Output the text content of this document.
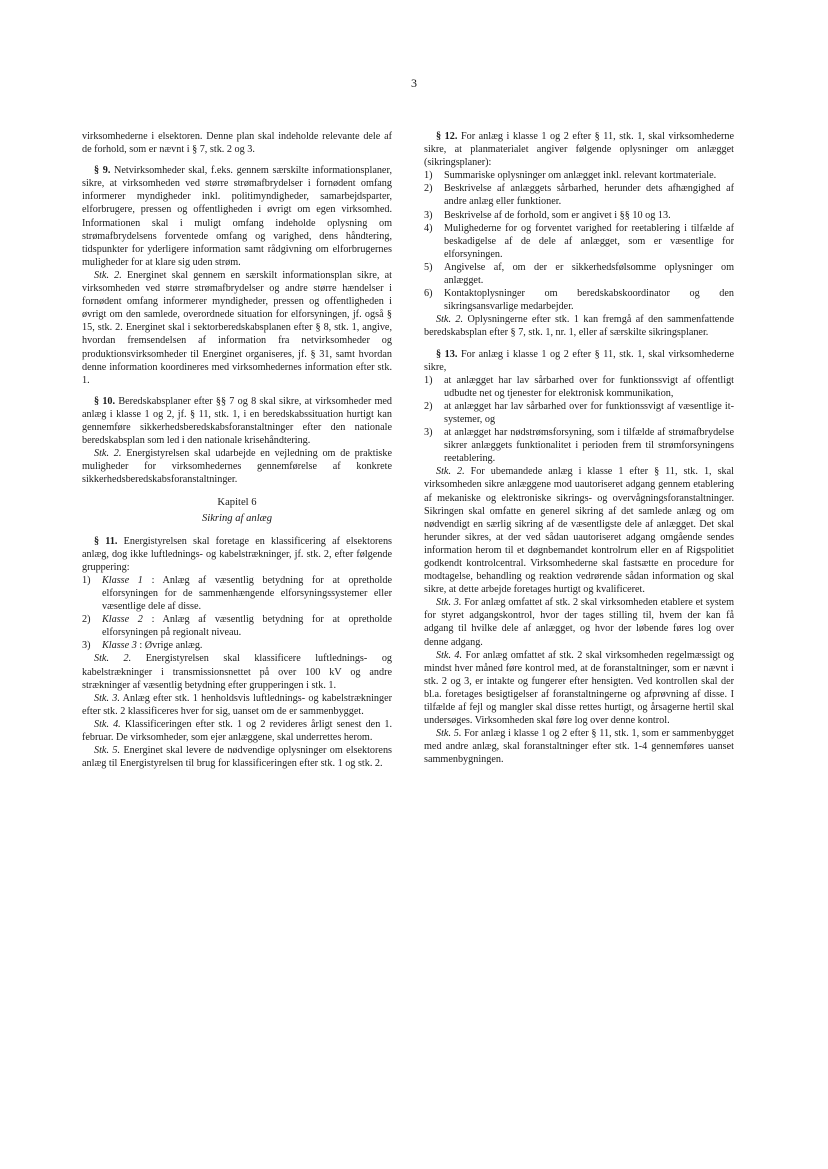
3

virksomhederne i elsektoren. Denne plan skal indeholde relevante dele af de forhold, som er nævnt i § 7, stk. 2 og 3.

§ 9. Netvirksomheder skal, f.eks. gennem særskilte informationsplaner, sikre, at virksomheden ved større strømafbrydelser i fornødent omfang informerer myndigheder inkl. politimyndigheder, samarbejdsparter, elforbrugere, pressen og offentligheden i øvrigt om egen virksomhed. Informationen skal i muligt omfang indeholde oplysning om strømafbrydelsens forventede omfang og varighed, dens håndtering, tidspunkter for yderligere information samt rådgivning om elforbrugernes muligheder for at klare sig uden strøm.

Stk. 2. Energinet skal gennem en særskilt informationsplan sikre, at virksomheden ved større strømafbrydelser og andre større hændelser i fornødent omfang informerer myndigheder, pressen og offentligheden i øvrigt om den samlede, overordnede situation for elforsyningen, jf. også § 15, stk. 2. Energinet skal i sektorberedskabsplanen efter § 8, stk. 1, angive, hvordan fremsendelsen af information fra netvirksomheder og produktionsvirksomheder til Energinet organiseres, jf. § 31, samt hvordan denne information koordineres med virksomhedernes information efter stk. 1.

§ 10. Beredskabsplaner efter §§ 7 og 8 skal sikre, at virksomheder med anlæg i klasse 1 og 2, jf. § 11, stk. 1, i en beredskabssituation hurtigt kan gennemføre sikkerhedsberedskabsforanstaltninger efter den nationale beredskabsplan som led i den nationale krisehåndtering.

Stk. 2. Energistyrelsen skal udarbejde en vejledning om de praktiske muligheder for virksomhedernes gennemførelse af konkrete sikkerhedsberedskabsforanstaltninger.

Kapitel 6
Sikring af anlæg

§ 11. Energistyrelsen skal foretage en klassificering af elsektorens anlæg, dog ikke luftlednings- og kabelstrækninger, jf. stk. 2, efter følgende gruppering:

1) Klasse 1 : Anlæg af væsentlig betydning for at opretholde elforsyningen for de sammenhængende elforsyningssystemer eller væsentlige dele af disse.
2) Klasse 2 : Anlæg af væsentlig betydning for at opretholde elforsyningen på regionalt niveau.
3) Klasse 3 : Øvrige anlæg.

Stk. 2. Energistyrelsen skal klassificere luftlednings- og kabelstrækninger i transmissionsnettet på over 100 kV og andre strækninger af væsentlig betydning efter grupperingen i stk. 1.

Stk. 3. Anlæg efter stk. 1 henholdsvis luftlednings- og kabelstrækninger efter stk. 2 klassificeres hver for sig, uanset om de er sammenbygget.

Stk. 4. Klassificeringen efter stk. 1 og 2 revideres årligt senest den 1. februar. De virksomheder, som ejer anlæggene, skal underrettes herom.

Stk. 5. Energinet skal levere de nødvendige oplysninger om elsektorens anlæg til Energistyrelsen til brug for klassificeringen efter stk. 1 og stk. 2.

§ 12. For anlæg i klasse 1 og 2 efter § 11, stk. 1, skal virksomhederne sikre, at planmaterialet angiver følgende oplysninger om anlægget (sikringsplaner):

1) Summariske oplysninger om anlægget inkl. relevant kortmateriale.
2) Beskrivelse af anlæggets sårbarhed, herunder dets afhængighed af andre anlæg eller funktioner.
3) Beskrivelse af de forhold, som er angivet i §§ 10 og 13.
4) Mulighederne for og forventet varighed for reetablering i tilfælde af beskadigelse af de dele af anlægget, som er væsentlige for elforsyningen.
5) Angivelse af, om der er sikkerhedsfølsomme oplysninger om anlægget.
6) Kontaktoplysninger om beredskabskoordinator og den sikringsansvarlige medarbejder.

Stk. 2. Oplysningerne efter stk. 1 kan fremgå af den sammenfattende beredskabsplan efter § 7, stk. 1, nr. 1, eller af særskilte sikringsplaner.

§ 13. For anlæg i klasse 1 og 2 efter § 11, stk. 1, skal virksomhederne sikre,

1) at anlægget har lav sårbarhed over for funktionssvigt af offentligt udbudte net og tjenester for elektronisk kommunikation,
2) at anlægget har lav sårbarhed over for funktionssvigt af væsentlige it-systemer, og
3) at anlægget har nødstrømsforsyning, som i tilfælde af strømafbrydelse sikrer anlæggets funktionalitet i perioden frem til strømforsyningens reetablering.

Stk. 2. For ubemandede anlæg i klasse 1 efter § 11, stk. 1, skal virksomheden sikre anlæggene mod uautoriseret adgang gennem etablering af mekaniske og elektroniske sikrings- og overvågningsforanstaltninger. Sikringen skal omfatte en generel sikring af det samlede anlæg og om nødvendigt en særlig sikring af de væsentligste dele af anlægget. Det skal herunder sikres, at der ved sådan uautoriseret adgang omgående sendes information herom til et døgnbemandet kontrolrum eller en af Rigspolitiet godkendt kontrolcentral. Virksomhederne skal fastsætte en procedure for modtagelse, behandling og reaktion vedrørende sådan information og skal sikre, at dette arbejde foretages hurtigt og kvalificeret.

Stk. 3. For anlæg omfattet af stk. 2 skal virksomheden etablere et system for styret adgangskontrol, hvor der tages stilling til, hvem der kan få adgang til hvilke dele af anlægget, og hvor der løbende føres log over denne adgang.

Stk. 4. For anlæg omfattet af stk. 2 skal virksomheden regelmæssigt og mindst hver måned føre kontrol med, at de foranstaltninger, som er nævnt i stk. 2 og 3, er intakte og fungerer efter hensigten. Ved kontrollen skal der bl.a. foretages besigtigelser af foranstaltningerne og afprøvning af disse. I tilfælde af fejl og mangler skal disse rettes hurtigt, og årsagerne hertil skal undersøges. Virksomheden skal føre log over denne kontrol.

Stk. 5. For anlæg i klasse 1 og 2 efter § 11, stk. 1, som er sammenbygget med andre anlæg, skal foranstaltninger efter stk. 1-4 gennemføres uanset sammenbygningen.
